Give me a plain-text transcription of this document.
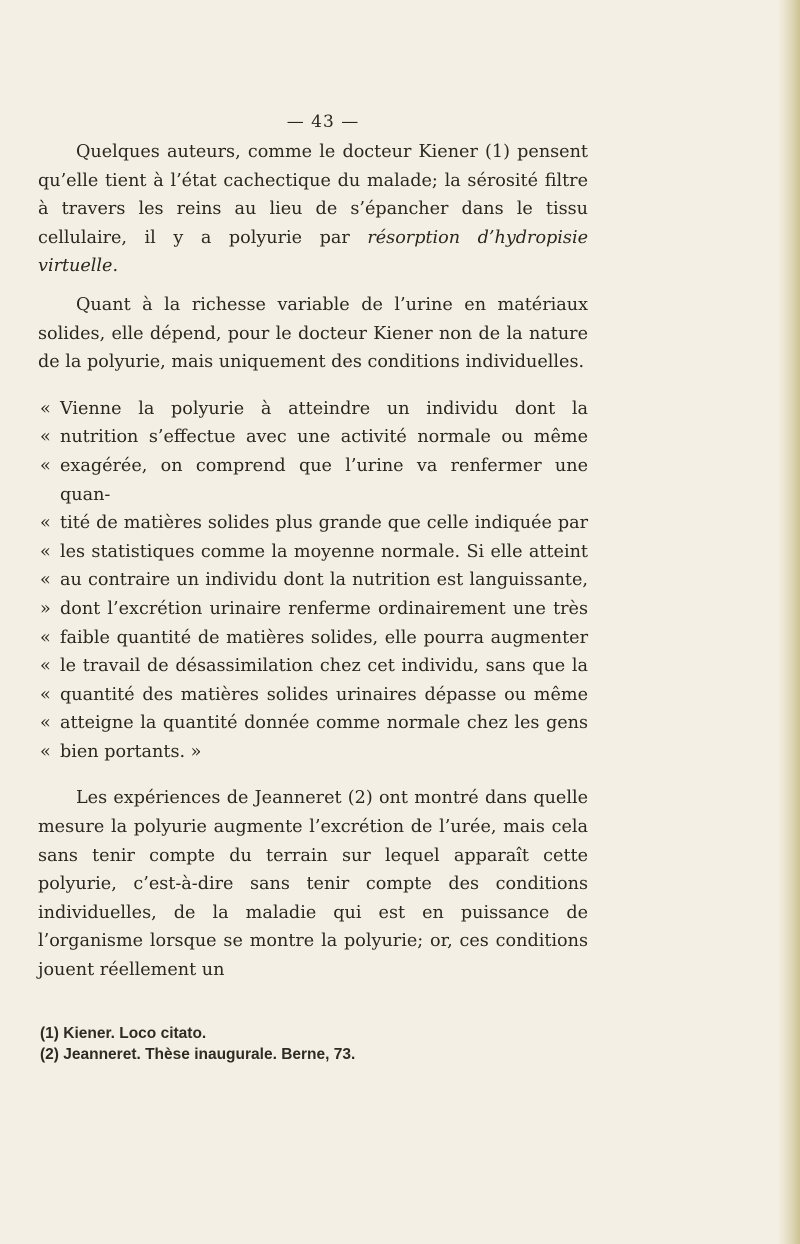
— 43 —

Quelques auteurs, comme le docteur Kiener (1) pensent qu’elle tient à l’état cachectique du malade; la sérosité filtre à travers les reins au lieu de s’épancher dans le tissu cellulaire, il y a polyurie par résorption d’hydropisie virtuelle.

Quant à la richesse variable de l’urine en matériaux solides, elle dépend, pour le docteur Kiener non de la nature de la polyurie, mais uniquement des conditions individuelles.

« Vienne la polyurie à atteindre un individu dont la
« nutrition s’effectue avec une activité normale ou même
« exagérée, on comprend que l’urine va renfermer une quan-
« tité de matières solides plus grande que celle indiquée par
« les statistiques comme la moyenne normale. Si elle atteint
« au contraire un individu dont la nutrition est languissante,
» dont l’excrétion urinaire renferme ordinairement une très
« faible quantité de matières solides, elle pourra augmenter
« le travail de désassimilation chez cet individu, sans que la
« quantité des matières solides urinaires dépasse ou même
« atteigne la quantité donnée comme normale chez les gens
« bien portants. »

Les expériences de Jeanneret (2) ont montré dans quelle mesure la polyurie augmente l’excrétion de l’urée, mais cela sans tenir compte du terrain sur lequel apparaît cette polyurie, c’est-à-dire sans tenir compte des conditions individuelles, de la maladie qui est en puissance de l’organisme lorsque se montre la polyurie; or, ces conditions jouent réellement un

(1) Kiener. Loco citato.
(2) Jeanneret. Thèse inaugurale. Berne, 73.
